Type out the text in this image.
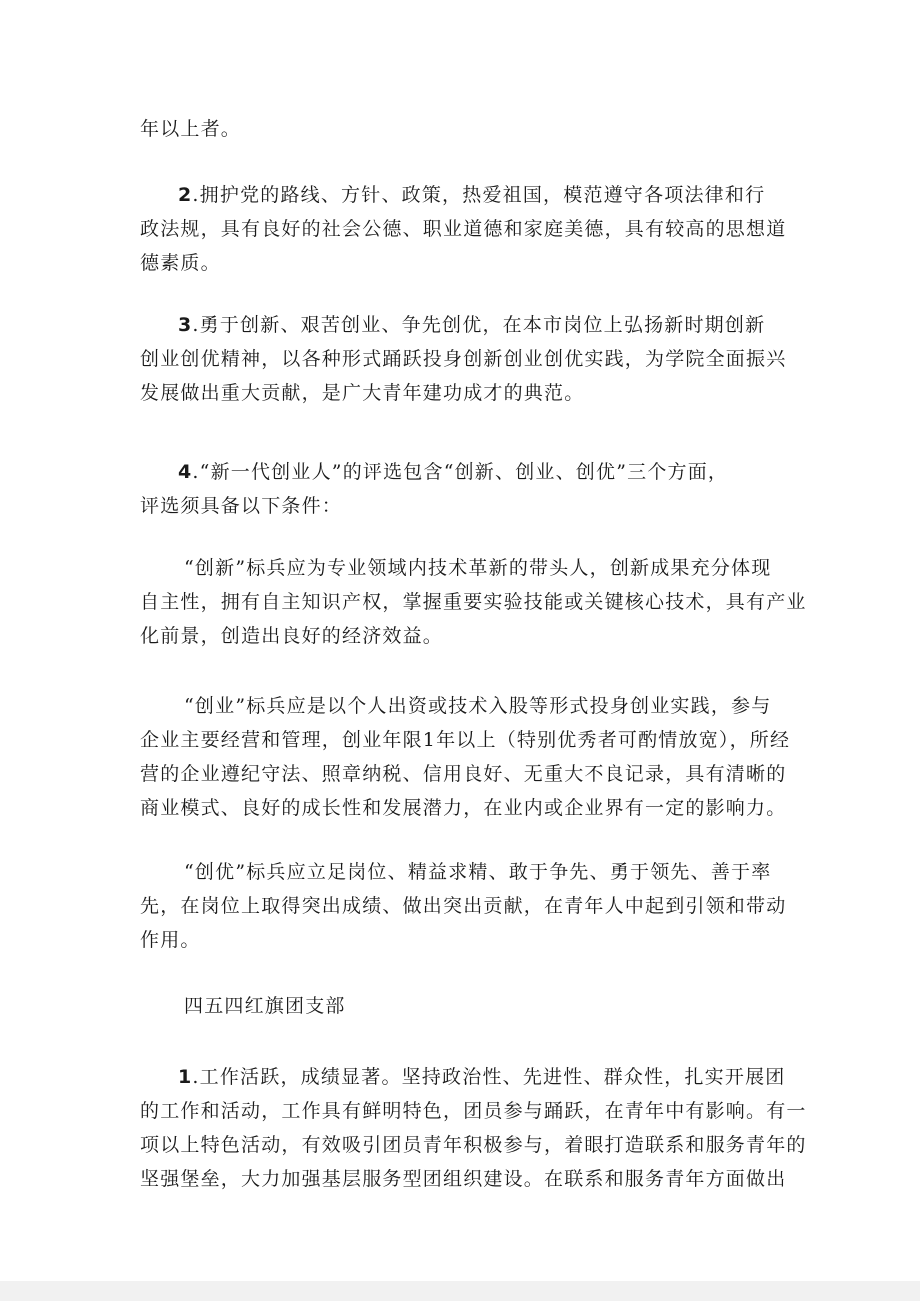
年以上者。
2.拥护党的路线、方针、政策，热爱祖国，模范遵守各项法律和行
政法规，具有良好的社会公德、职业道德和家庭美德，具有较高的思想道
德素质。
3.勇于创新、艰苦创业、争先创优，在本市岗位上弘扬新时期创新
创业创优精神，以各种形式踊跃投身创新创业创优实践，为学院全面振兴
发展做出重大贡献，是广大青年建功成才的典范。
4.“新一代创业人”的评选包含“创新、创业、创优”三个方面，
评选须具备以下条件：
“创新”标兵应为专业领域内技术革新的带头人，创新成果充分体现
自主性，拥有自主知识产权，掌握重要实验技能或关键核心技术，具有产业
化前景，创造出良好的经济效益。
“创业”标兵应是以个人出资或技术入股等形式投身创业实践，参与
企业主要经营和管理，创业年限1年以上（特别优秀者可酌情放宽），所经
营的企业遵纪守法、照章纳税、信用良好、无重大不良记录，具有清晰的
商业模式、良好的成长性和发展潜力，在业内或企业界有一定的影响力。
“创优”标兵应立足岗位、精益求精、敢于争先、勇于领先、善于率
先，在岗位上取得突出成绩、做出突出贡献，在青年人中起到引领和带动
作用。
四五四红旗团支部
1.工作活跃，成绩显著。坚持政治性、先进性、群众性，扎实开展团
的工作和活动，工作具有鲜明特色，团员参与踊跃，在青年中有影响。有一
项以上特色活动，有效吸引团员青年积极参与，着眼打造联系和服务青年的
坚强堡垒，大力加强基层服务型团组织建设。在联系和服务青年方面做出
